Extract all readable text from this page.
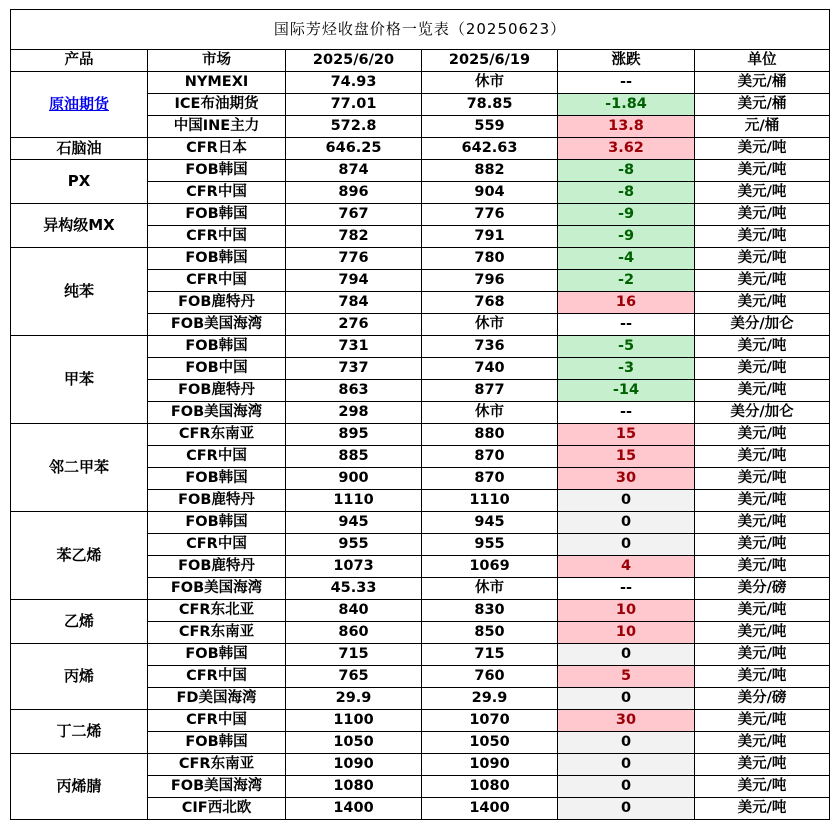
国际芳烃收盘价格一览表（20250623）					
产品	市场	2025/6/20	2025/6/19	涨跌	单位
原油期货	NYMEXI	74.93	休市	--	美元/桶
	ICE布油期货	77.01	78.85	-1.84	美元/桶
	中国INE主力	572.8	559	13.8	元/桶
石脑油	CFR日本	646.25	642.63	3.62	美元/吨
PX	FOB韩国	874	882	-8	美元/吨
	CFR中国	896	904	-8	美元/吨
异构级MX	FOB韩国	767	776	-9	美元/吨
	CFR中国	782	791	-9	美元/吨
纯苯	FOB韩国	776	780	-4	美元/吨
	CFR中国	794	796	-2	美元/吨
	FOB鹿特丹	784	768	16	美元/吨
	FOB美国海湾	276	休市	--	美分/加仑
甲苯	FOB韩国	731	736	-5	美元/吨
	FOB中国	737	740	-3	美元/吨
	FOB鹿特丹	863	877	-14	美元/吨
	FOB美国海湾	298	休市	--	美分/加仑
邻二甲苯	CFR东南亚	895	880	15	美元/吨
	CFR中国	885	870	15	美元/吨
	FOB韩国	900	870	30	美元/吨
	FOB鹿特丹	1110	1110	0	美元/吨
苯乙烯	FOB韩国	945	945	0	美元/吨
	CFR中国	955	955	0	美元/吨
	FOB鹿特丹	1073	1069	4	美元/吨
	FOB美国海湾	45.33	休市	--	美分/磅
乙烯	CFR东北亚	840	830	10	美元/吨
	CFR东南亚	860	850	10	美元/吨
丙烯	FOB韩国	715	715	0	美元/吨
	CFR中国	765	760	5	美元/吨
	FD美国海湾	29.9	29.9	0	美分/磅
丁二烯	CFR中国	1100	1070	30	美元/吨
	FOB韩国	1050	1050	0	美元/吨
丙烯腈	CFR东南亚	1090	1090	0	美元/吨
	FOB美国海湾	1080	1080	0	美元/吨
	CIF西北欧	1400	1400	0	美元/吨
